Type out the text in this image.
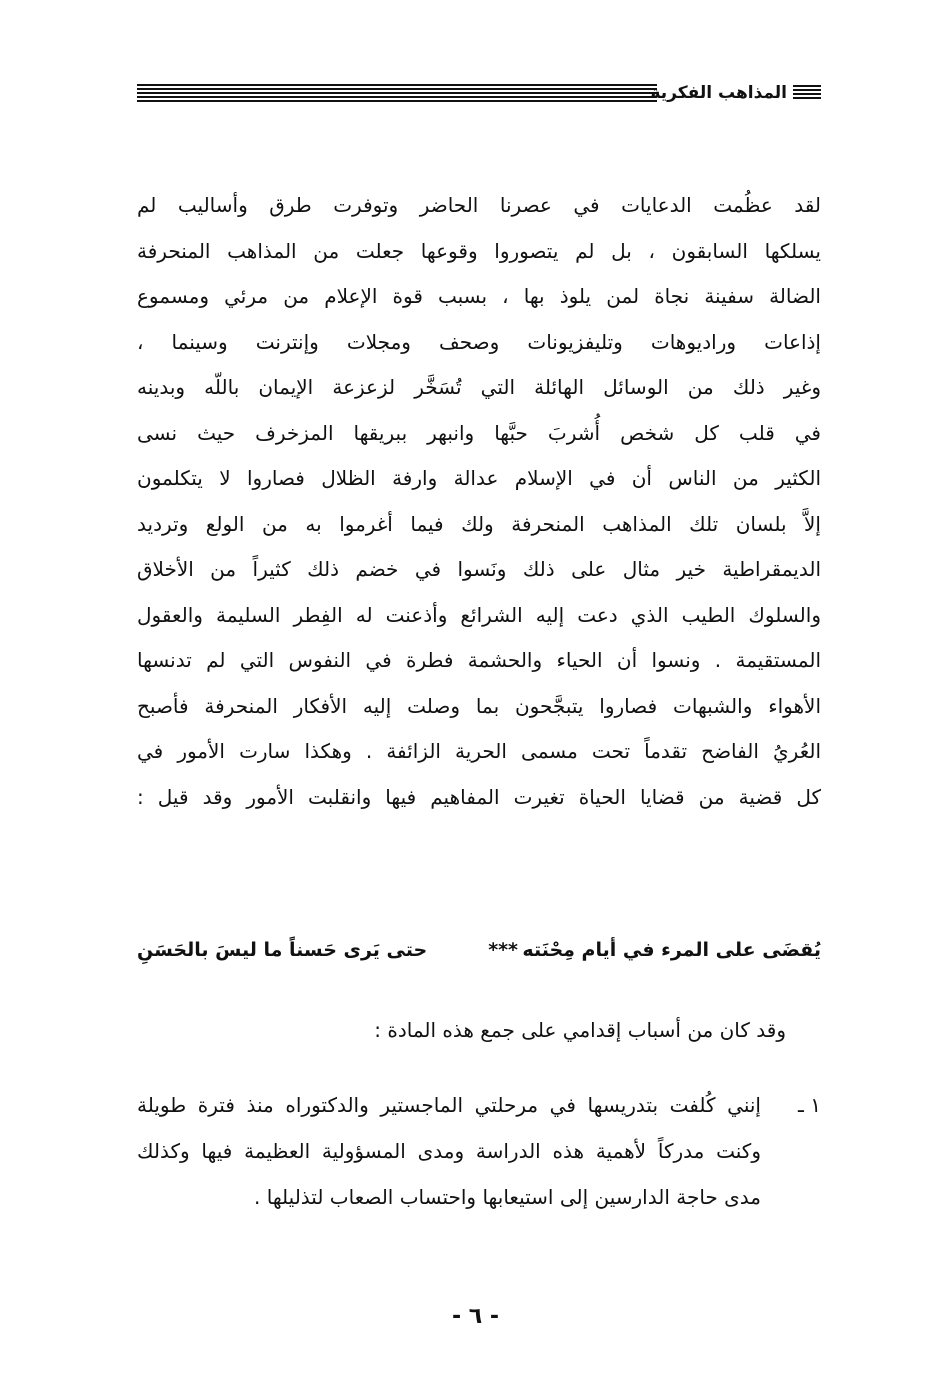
المذاهب الفكرية
لقد عظُمت الدعايات في عصرنا الحاضر وتوفرت طرق وأساليب لم
يسلكها السابقون ، بل لم يتصوروا وقوعها جعلت من المذاهب المنحرفة
الضالة سفينة نجاة لمن يلوذ بها ، بسبب قوة الإعلام من مرئي ومسموع
إذاعات وراديوهات وتليفزيونات وصحف ومجلات وإنترنت وسينما ،
وغير ذلك من الوسائل الهائلة التي تُسَخَّر لزعزعة الإيمان باللّه وبدينه
في قلب كل شخص أُشربَ حبَّها وانبهر ببريقها المزخرف حيث نسى
الكثير من الناس أن في الإسلام عدالة وارفة الظلال فصاروا لا يتكلمون
إلاَّ بلسان تلك المذاهب المنحرفة ولك فيما أغرموا به من الولع وترديد
الديمقراطية خير مثال على ذلك ونَسوا في خضم ذلك كثيراً من الأخلاق
والسلوك الطيب الذي دعت إليه الشرائع وأذعنت له الفِطر السليمة والعقول
المستقيمة . ونسوا أن الحياء والحشمة فطرة في النفوس التي لم تدنسها
الأهواء والشبهات فصاروا يتبجَّحون بما وصلت إليه الأفكار المنحرفة فأصبح
العُريُ الفاضح تقدماً تحت مسمى الحرية الزائفة . وهكذا سارت الأمور في
كل قضية من قضايا الحياة تغيرت المفاهيم فيها وانقلبت الأمور وقد قيل :
يُقضَى على المرء في أيام مِحْنَته
***
حتى يَرى حَسناً ما ليسَ بالحَسَنِ
وقد كان من أسباب إقدامي على جمع هذه المادة :
١ ـ
إنني كُلفت بتدريسها في مرحلتي الماجستير والدكتوراه منذ فترة طويلة
وكنت مدركاً لأهمية هذه الدراسة ومدى المسؤولية العظيمة فيها وكذلك
مدى حاجة الدارسين إلى استيعابها واحتساب الصعاب لتذليلها .
- ٦ -
